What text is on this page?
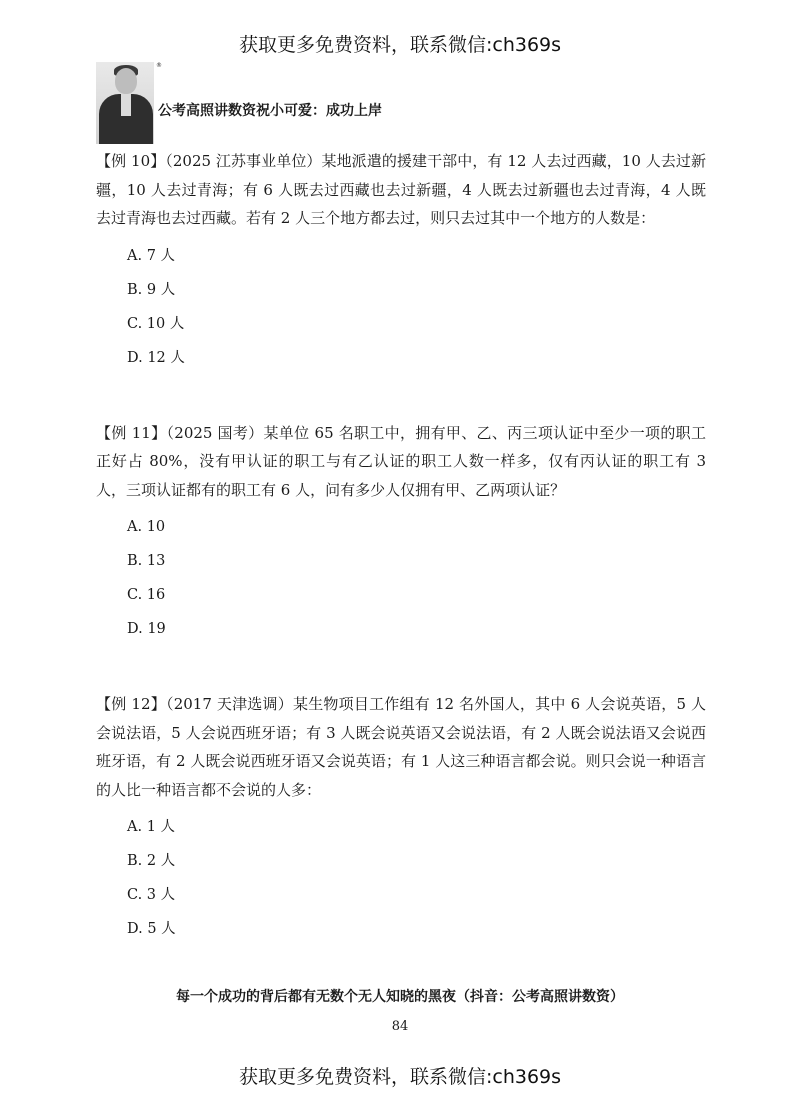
获取更多免费资料，联系微信:ch369s
®
公考高照讲数资祝小可爱：成功上岸

【例 10】（2025 江苏事业单位）某地派遣的援建干部中，有 12 人去过西藏，10 人去过新疆，10 人去过青海；有 6 人既去过西藏也去过新疆，4 人既去过新疆也去过青海，4 人既去过青海也去过西藏。若有 2 人三个地方都去过，则只去过其中一个地方的人数是：

A. 7 人
B. 9 人
C. 10 人
D. 12 人

【例 11】（2025 国考）某单位 65 名职工中，拥有甲、乙、丙三项认证中至少一项的职工正好占 80%，没有甲认证的职工与有乙认证的职工人数一样多，仅有丙认证的职工有 3 人，三项认证都有的职工有 6 人，问有多少人仅拥有甲、乙两项认证？

A. 10
B. 13
C. 16
D. 19

【例 12】（2017 天津选调）某生物项目工作组有 12 名外国人，其中 6 人会说英语，5 人会说法语，5 人会说西班牙语；有 3 人既会说英语又会说法语，有 2 人既会说法语又会说西班牙语，有 2 人既会说西班牙语又会说英语；有 1 人这三种语言都会说。则只会说一种语言的人比一种语言都不会说的人多：

A. 1 人
B. 2 人
C. 3 人
D. 5 人
每一个成功的背后都有无数个无人知晓的黑夜（抖音：公考高照讲数资）
84
获取更多免费资料，联系微信:ch369s
